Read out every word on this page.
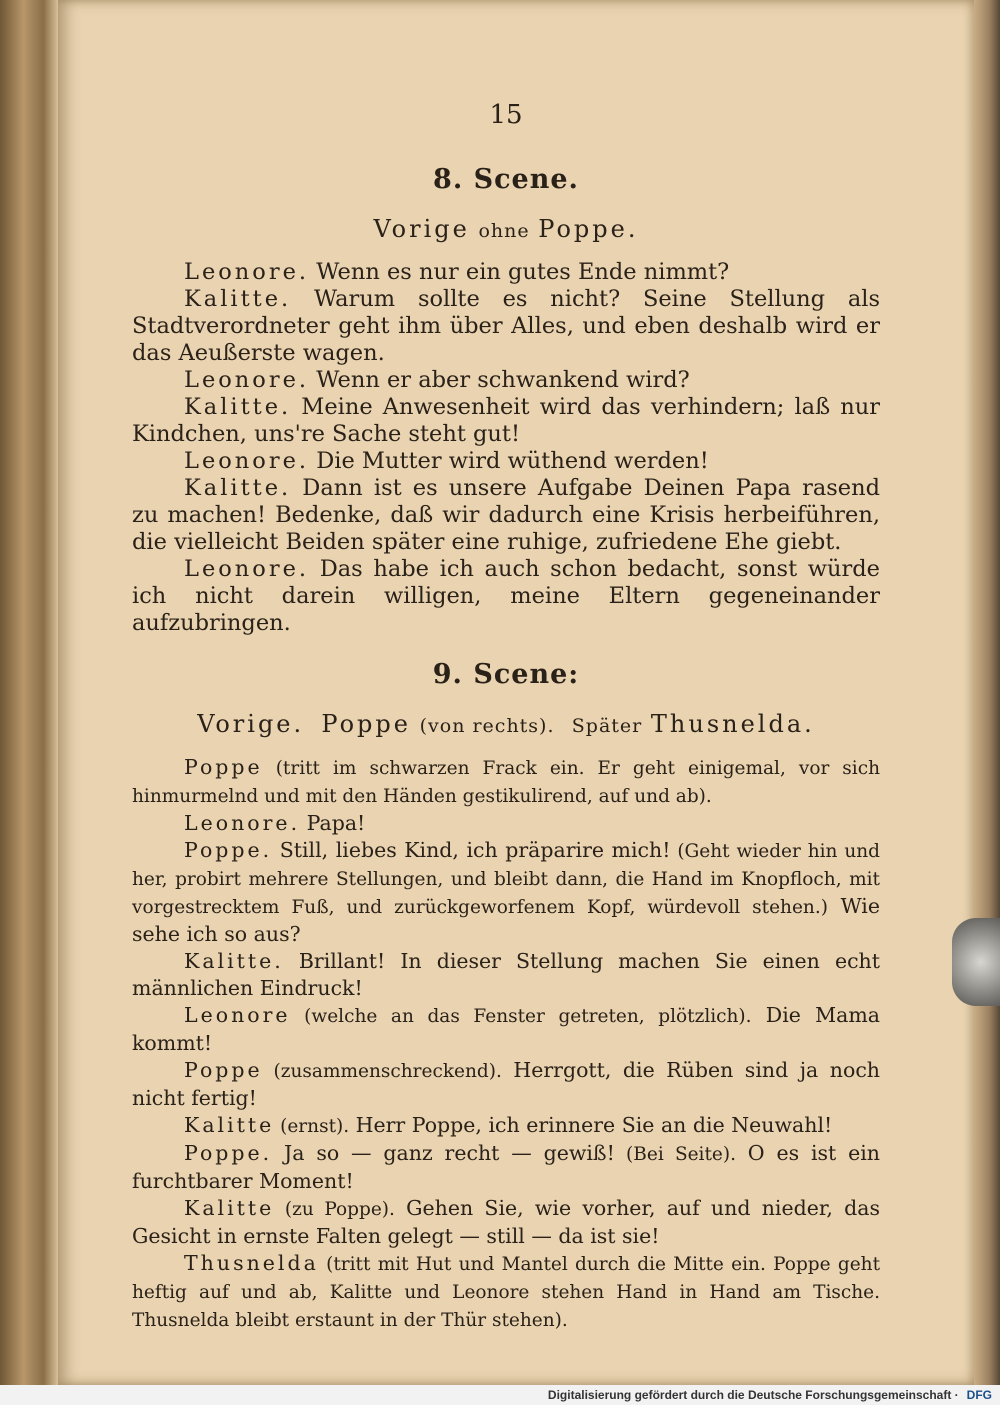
15
8. Scene.
Vorige ohne Poppe.

Leonore. Wenn es nur ein gutes Ende nimmt?

Kalitte. Warum sollte es nicht? Seine Stellung als Stadtverordneter geht ihm über Alles, und eben deshalb wird er das Aeußerste wagen.

Leonore. Wenn er aber schwankend wird?

Kalitte. Meine Anwesenheit wird das verhindern; laß nur Kindchen, uns're Sache steht gut!

Leonore. Die Mutter wird wüthend werden!

Kalitte. Dann ist es unsere Aufgabe Deinen Papa rasend zu machen! Bedenke, daß wir dadurch eine Krisis herbeiführen, die vielleicht Beiden später eine ruhige, zufriedene Ehe giebt.

Leonore. Das habe ich auch schon bedacht, sonst würde ich nicht darein willigen, meine Eltern gegeneinander aufzubringen.

9. Scene:
Vorige. Poppe (von rechts). Später Thusnelda.

Poppe (tritt im schwarzen Frack ein. Er geht einigemal, vor sich hinmurmelnd und mit den Händen gestikulirend, auf und ab).

Leonore. Papa!

Poppe. Still, liebes Kind, ich präparire mich! (Geht wieder hin und her, probirt mehrere Stellungen, und bleibt dann, die Hand im Knopfloch, mit vorgestrecktem Fuß, und zurückgeworfenem Kopf, würdevoll stehen.) Wie sehe ich so aus?

Kalitte. Brillant! In dieser Stellung machen Sie einen echt männlichen Eindruck!

Leonore (welche an das Fenster getreten, plötzlich). Die Mama kommt!

Poppe (zusammenschreckend). Herrgott, die Rüben sind ja noch nicht fertig!

Kalitte (ernst). Herr Poppe, ich erinnere Sie an die Neuwahl!

Poppe. Ja so — ganz recht — gewiß! (Bei Seite). O es ist ein furchtbarer Moment!

Kalitte (zu Poppe). Gehen Sie, wie vorher, auf und nieder, das Gesicht in ernste Falten gelegt — still — da ist sie!

Thusnelda (tritt mit Hut und Mantel durch die Mitte ein. Poppe geht heftig auf und ab, Kalitte und Leonore stehen Hand in Hand am Tische. Thusnelda bleibt erstaunt in der Thür stehen).

Digitalisierung gefördert durch die Deutsche Forschungsgemeinschaft · DFG
